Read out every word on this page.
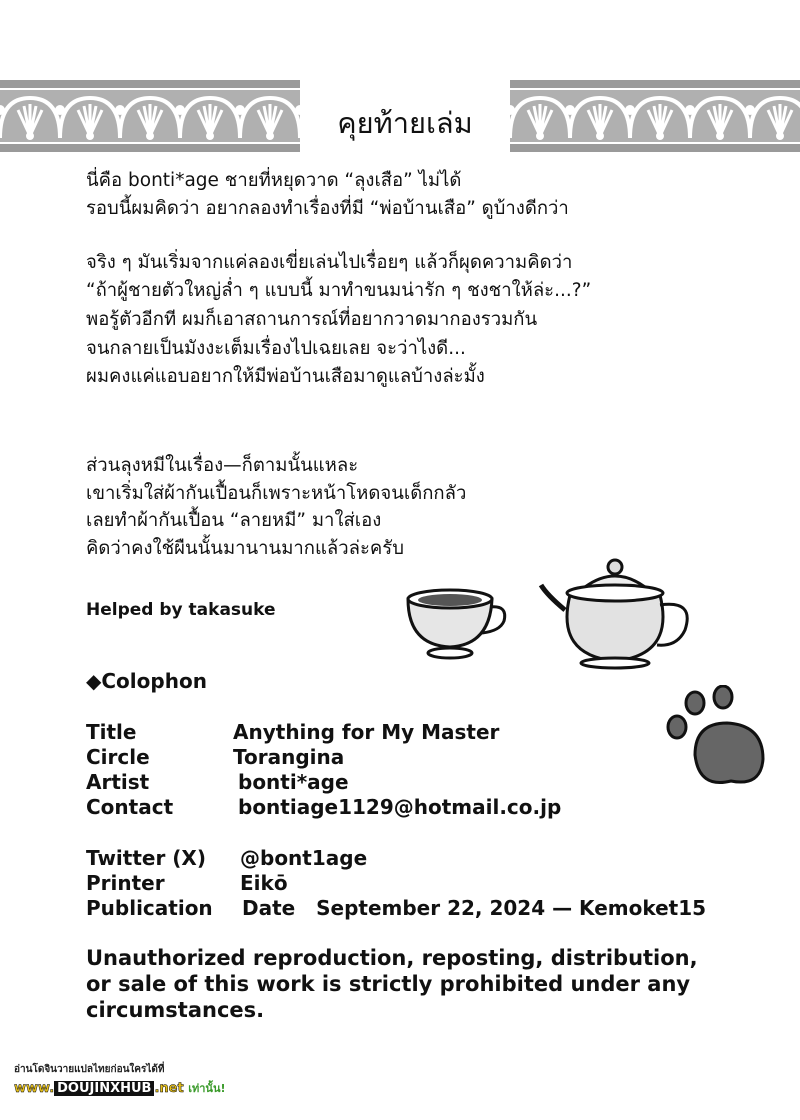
คุยท้ายเล่ม
นี่คือ bonti*age ชายที่หยุดวาด “ลุงเสือ” ไม่ได้
รอบนี้ผมคิดว่า อยากลองทำเรื่องที่มี “พ่อบ้านเสือ” ดูบ้างดีกว่า
จริง ๆ มันเริ่มจากแค่ลองเขี่ยเล่นไปเรื่อยๆ แล้วก็ผุดความคิดว่า
“ถ้าผู้ชายตัวใหญ่ล่ำ ๆ แบบนี้ มาทำขนมน่ารัก ๆ ชงชาให้ล่ะ...?”
พอรู้ตัวอีกที ผมก็เอาสถานการณ์ที่อยากวาดมากองรวมกัน
จนกลายเป็นมังงะเต็มเรื่องไปเฉยเลย จะว่าไงดี...
ผมคงแค่แอบอยากให้มีพ่อบ้านเสือมาดูแลบ้างล่ะมั้ง
ส่วนลุงหมีในเรื่อง—ก็ตามนั้นแหละ
เขาเริ่มใส่ผ้ากันเปื้อนก็เพราะหน้าโหดจนเด็กกลัว
เลยทำผ้ากันเปื้อน “ลายหมี” มาใส่เอง
คิดว่าคงใช้ผืนนั้นมานานมากแล้วล่ะครับ
Helped by takasuke
◆Colophon
Title	Anything for My Master
Circle	Torangina
Artist	bonti*age
Contact	bontiage1129@hotmail.co.jp
Twitter (X) @bont1age
Printer	Eikō
Publication Date   September 22, 2024 — Kemoket15
Unauthorized reproduction, reposting, distribution,
or sale of this work is strictly prohibited under any
circumstances.
อ่านโดจินวายแปลไทยก่อนใครได้ที่
www. DOUJINXHUB .net เท่านั้น!
